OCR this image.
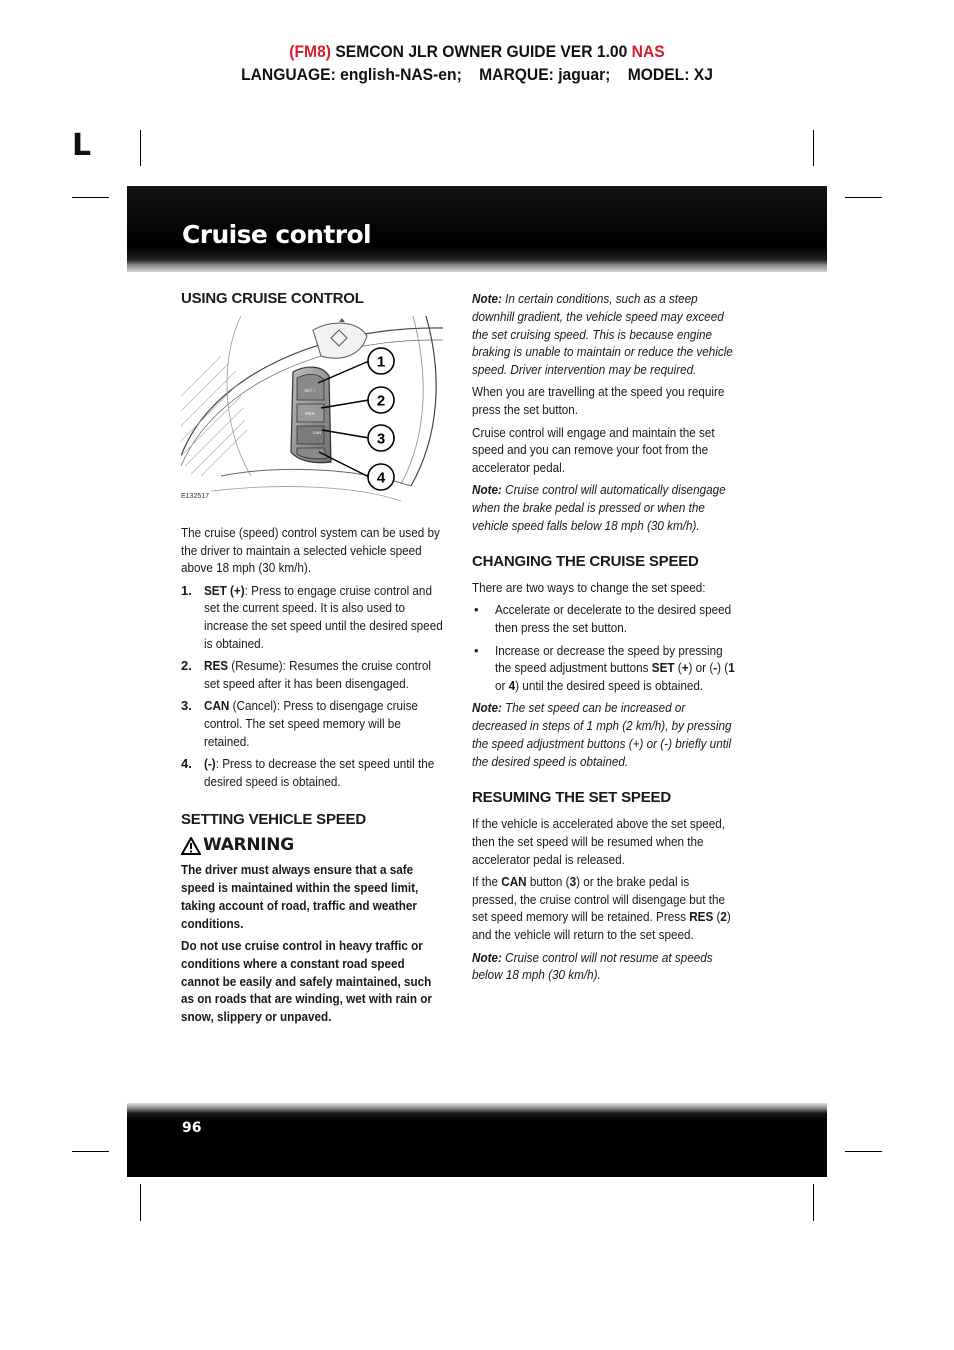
(FM8) SEMCON JLR OWNER GUIDE VER 1.00 NAS
LANGUAGE: english-NAS-en;    MARQUE: jaguar;    MODEL: XJ
L
Cruise control
USING CRUISE CONTROL
SET +
RES
CAN
1
2
3
4
E132517

The cruise (speed) control system can be used by the driver to maintain a selected vehicle speed above 18 mph (30 km/h).

1. SET (+): Press to engage cruise control and set the current speed. It is also used to increase the set speed until the desired speed is obtained.
2. RES (Resume): Resumes the cruise control set speed after it has been disengaged.
3. CAN (Cancel): Press to disengage cruise control. The set speed memory will be retained.
4. (-): Press to decrease the set speed until the desired speed is obtained.
SETTING VEHICLE SPEED
WARNING

The driver must always ensure that a safe speed is maintained within the speed limit, taking account of road, traffic and weather conditions.

Do not use cruise control in heavy traffic or conditions where a constant road speed cannot be easily and safely maintained, such as on roads that are winding, wet with rain or snow, slippery or unpaved.

Note: In certain conditions, such as a steep downhill gradient, the vehicle speed may exceed the set cruising speed. This is because engine braking is unable to maintain or reduce the vehicle speed. Driver intervention may be required.

When you are travelling at the speed you require press the set button.

Cruise control will engage and maintain the set speed and you can remove your foot from the accelerator pedal.

Note: Cruise control will automatically disengage when the brake pedal is pressed or when the vehicle speed falls below 18 mph (30 km/h).

CHANGING THE CRUISE SPEED

There are two ways to change the set speed:

• Accelerate or decelerate to the desired speed then press the set button.
• Increase or decrease the speed by pressing the speed adjustment buttons SET (+) or (-) (1 or 4) until the desired speed is obtained.

Note: The set speed can be increased or decreased in steps of 1 mph (2 km/h), by pressing the speed adjustment buttons (+) or (-) briefly until the desired speed is obtained.

RESUMING THE SET SPEED

If the vehicle is accelerated above the set speed, then the set speed will be resumed when the accelerator pedal is released.

If the CAN button (3) or the brake pedal is pressed, the cruise control will disengage but the set speed memory will be retained. Press RES (2) and the vehicle will return to the set speed.

Note: Cruise control will not resume at speeds below 18 mph (30 km/h).

96
